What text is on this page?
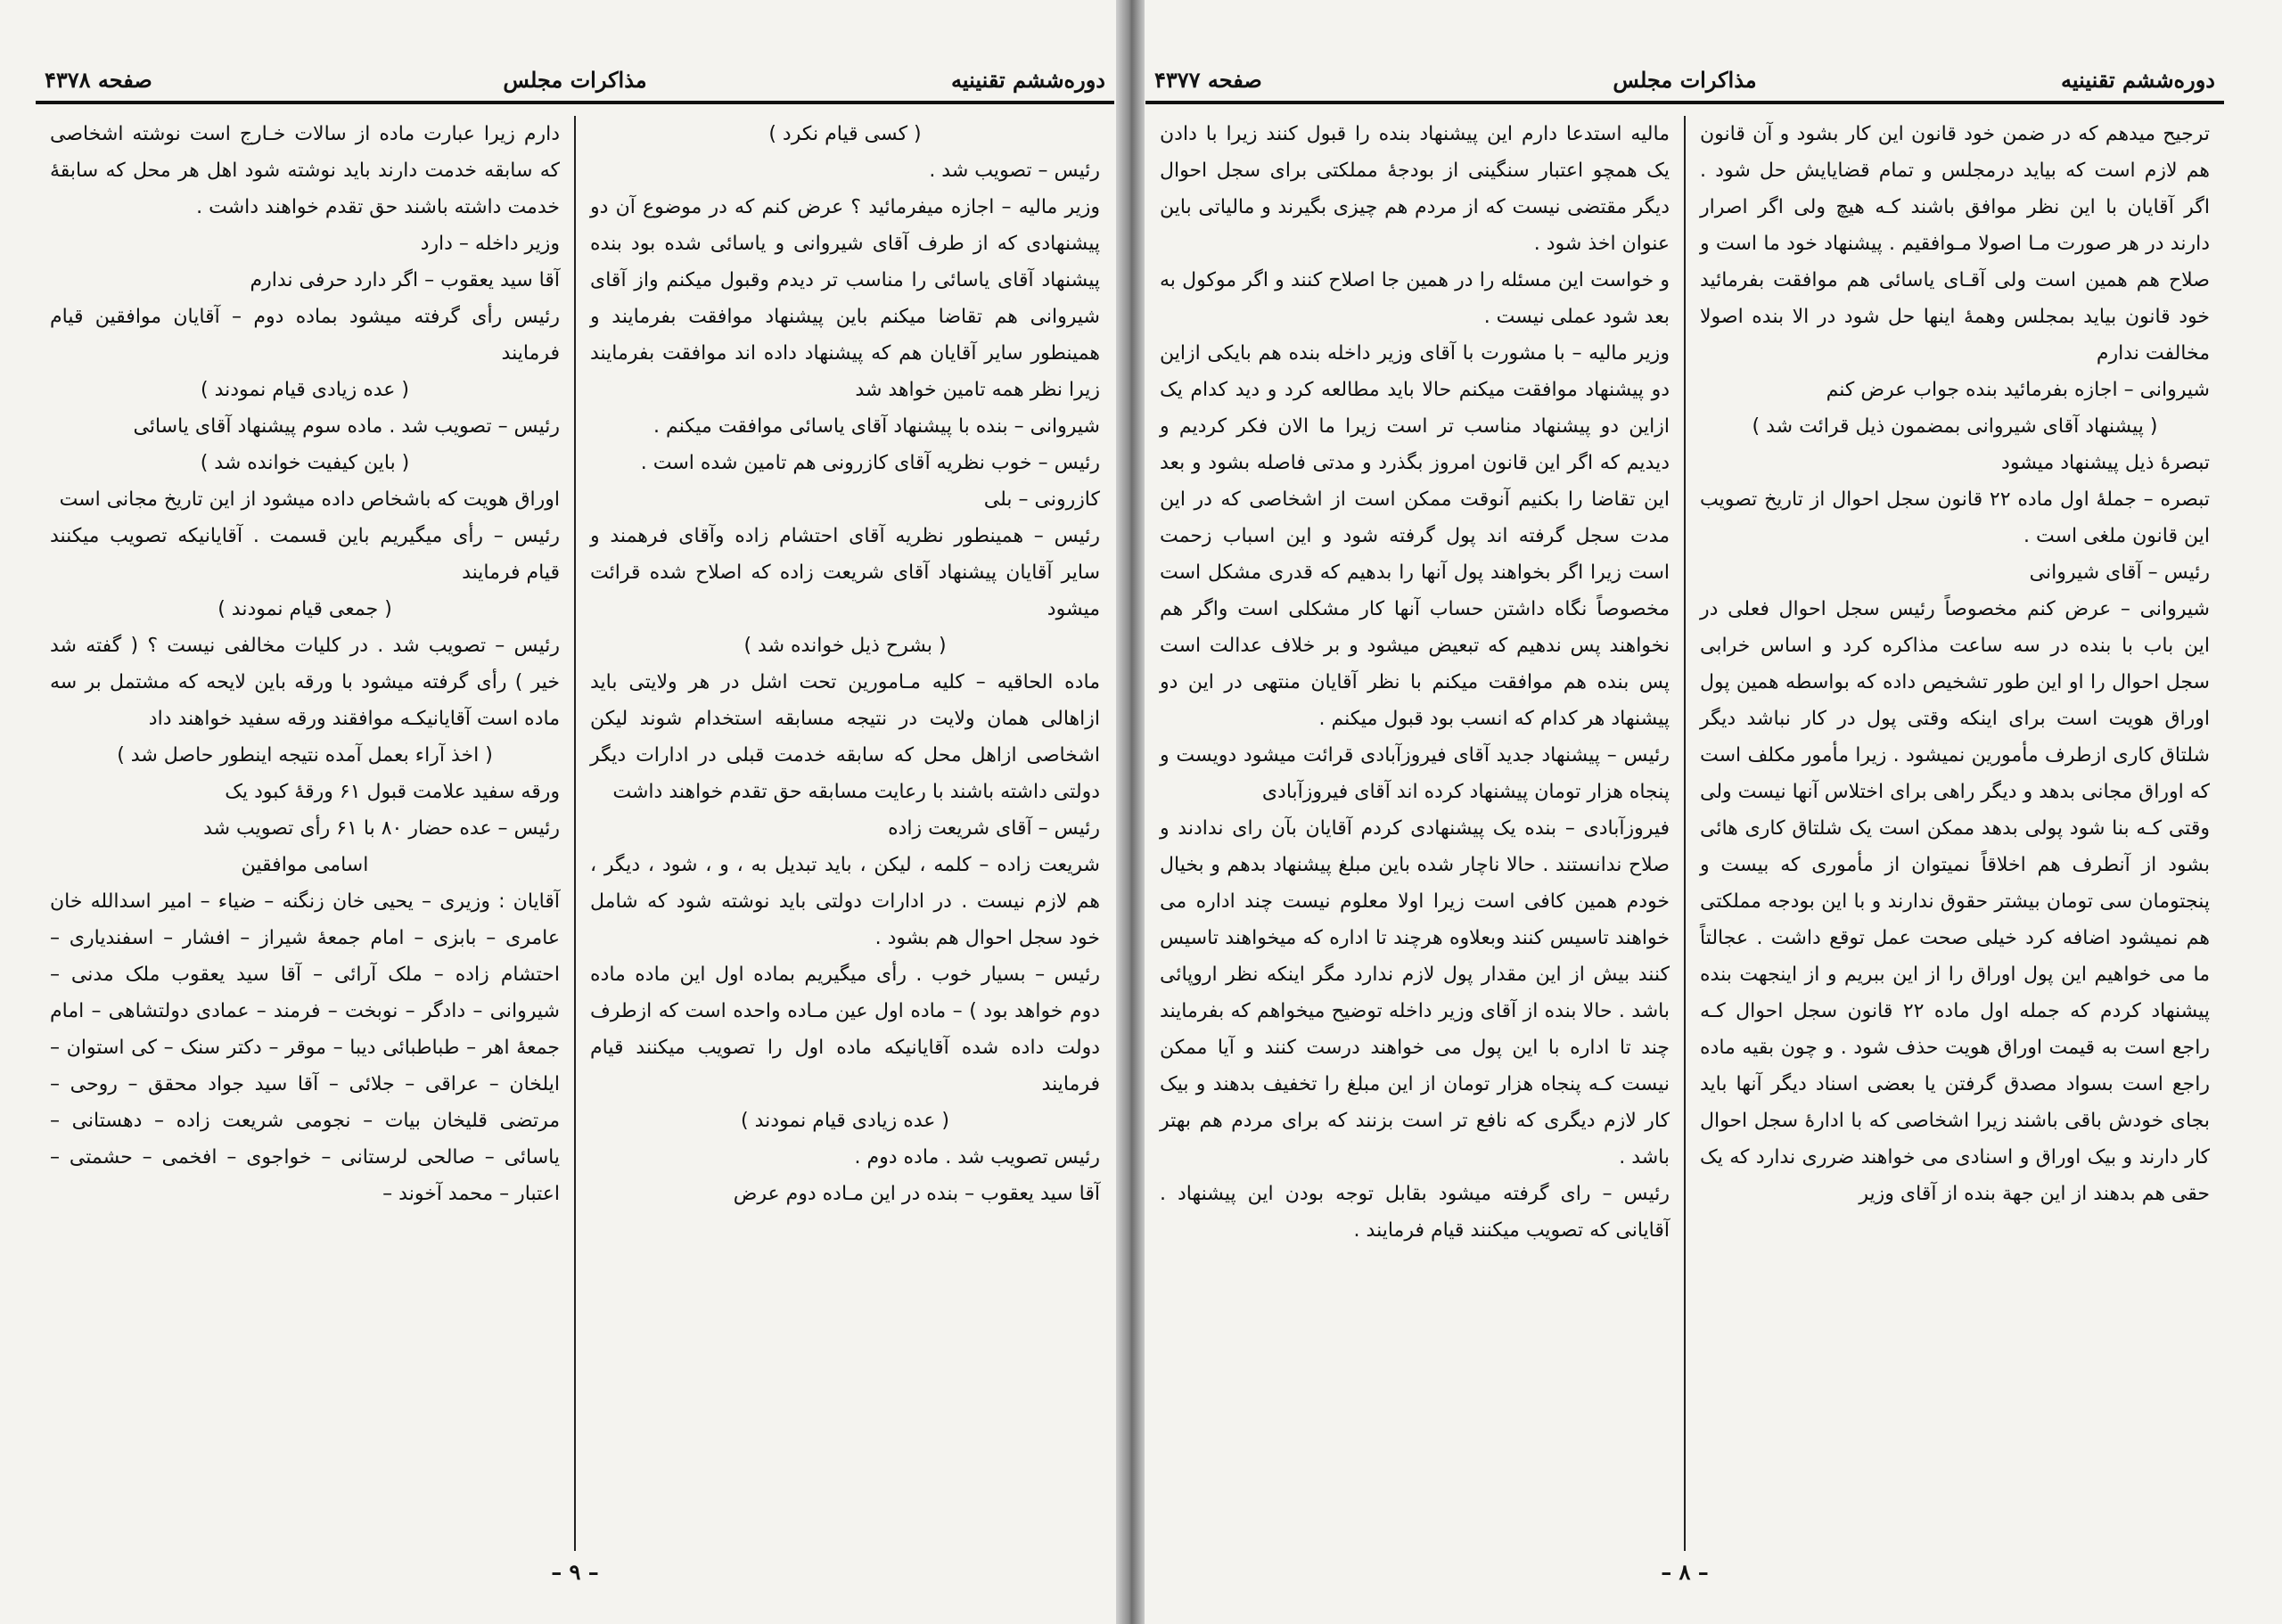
دوره‌ششم تقنینیه
مذاکرات مجلس
صفحه ۴۳۷۷

ترجیح میدهم که در ضمن خود قانون این کار بشود و آن قانون هم لازم است که بیاید درمجلس و تمام قضایایش حل شود . اگر آقایان با این نظر موافق باشند کـه هیچ ولی اگر اصرار دارند در هر صورت مـا اصولا مـوافقیم . پیشنهاد خود ما است و صلاح هم همین است ولی آقـای یاسائی هم موافقت بفرمائید خود قانون بیاید بمجلس وهمهٔ اینها حل شود در الا بنده اصولا مخالفت ندارم

شیروانی – اجازه بفرمائید بنده جواب عرض کنم

( پیشنهاد آقای شیروانی بمضمون ذیل قرائت شد )

تبصرهٔ ذیل پیشنهاد میشود

تبصره – جملهٔ اول ماده ۲۲ قانون سجل احوال از تاریخ تصویب این قانون ملغی است .

رئیس – آقای شیروانی

شیروانی – عرض کنم مخصوصاً رئیس سجل احوال فعلی در این باب با بنده در سه ساعت مذاکره کرد و اساس خرابی سجل احوال را او این طور تشخیص داده که بواسطه همین پول اوراق هویت است برای اینکه وقتی پول در کار نباشد دیگر شلتاق کاری ازطرف مأمورین نمیشود . زیرا مأمور مکلف است که اوراق مجانی بدهد و دیگر راهی برای اختلاس آنها نیست ولی وقتی کـه بنا شود پولی بدهد ممکن است یک شلتاق کاری هائی بشود از آنطرف هم اخلاقاً نمیتوان از مأموری که بیست و پنجتومان سی تومان بیشتر حقوق ندارند و با این بودجه مملکتی هم نمیشود اضافه کرد خیلی صحت عمل توقع داشت . عجالتاً ما می خواهیم این پول اوراق را از این ببریم و از اینجهت بنده پیشنهاد کردم که جمله اول ماده ۲۲ قانون سجل احوال کـه راجع است به قیمت اوراق هویت حذف شود . و چون بقیه ماده راجع است بسواد مصدق گرفتن یا بعضی اسناد دیگر آنها باید بجای خودش باقی باشند زیرا اشخاصی که با ادارهٔ سجل احوال کار دارند و بیک اوراق و اسنادی می خواهند ضرری ندارد که یک حقی هم بدهند از این جهة بنده از آقای وزیر

مالیه استدعا دارم این پیشنهاد بنده را قبول کنند زیرا با دادن یک همچو اعتبار سنگینی از بودجهٔ مملکتی برای سجل احوال دیگر مقتضی نیست که از مردم هم چیزی بگیرند و مالیاتی باین عنوان اخذ شود .

و خواست این مسئله را در همین جا اصلاح کنند و اگر موکول به بعد شود عملی نیست .

وزیر مالیه – با مشورت با آقای وزیر داخله بنده هم بایکی ازاین دو پیشنهاد موافقت میکنم حالا باید مطالعه کرد و دید کدام یک ازاین دو پیشنهاد مناسب تر است زیرا ما الان فکر کردیم و دیدیم که اگر این قانون امروز بگذرد و مدتی فاصله بشود و بعد این تقاضا را بکنیم آنوقت ممکن است از اشخاصی که در این مدت سجل گرفته اند پول گرفته شود و این اسباب زحمت است زیرا اگر بخواهند پول آنها را بدهیم که قدری مشکل است مخصوصاً نگاه داشتن حساب آنها کار مشکلی است واگر هم نخواهند پس ندهیم که تبعیض میشود و بر خلاف عدالت است پس بنده هم موافقت میکنم با نظر آقایان منتهی در این دو پیشنهاد هر کدام که انسب بود قبول میکنم .

رئیس – پیشنهاد جدید آقای فیروزآبادی قرائت میشود دویست و پنجاه هزار تومان پیشنهاد کرده اند آقای فیروزآبادی

فیروزآبادی – بنده یک پیشنهادی کردم آقایان بآن رای ندادند و صلاح ندانستند . حالا ناچار شده باین مبلغ پیشنهاد بدهم و بخیال خودم همین کافی است زیرا اولا معلوم نیست چند اداره می خواهند تاسیس کنند وبعلاوه هرچند تا اداره که میخواهند تاسیس کنند بیش از این مقدار پول لازم ندارد مگر اینکه نظر اروپائی باشد . حالا بنده از آقای وزیر داخله توضیح میخواهم که بفرمایند چند تا اداره با این پول می خواهند درست کنند و آیا ممکن نیست کـه پنجاه هزار تومان از این مبلغ را تخفیف بدهند و بیک کار لازم دیگری که نافع تر است بزنند که برای مردم هم بهتر باشد .

رئیس – رای گرفته میشود بقابل توجه بودن این پیشنهاد . آقایانی که تصویب میکنند قیام فرمایند .

– ۸ –
دوره‌ششم تقنینیه
مذاکرات مجلس
صفحه ۴۳۷۸

( کسی قیام نکرد )

رئیس – تصویب شد .

وزیر مالیه – اجازه میفرمائید ؟ عرض کنم که در موضوع آن دو پیشنهادی که از طرف آقای شیروانی و یاسائی شده بود بنده پیشنهاد آقای یاسائی را مناسب تر دیدم وقبول میکنم واز آقای شیروانی هم تقاضا میکنم باین پیشنهاد موافقت بفرمایند و همینطور سایر آقایان هم که پیشنهاد داده اند موافقت بفرمایند زیرا نظر همه تامین خواهد شد

شیروانی – بنده با پیشنهاد آقای یاسائی موافقت میکنم .

رئیس – خوب نظریه آقای کازرونی هم تامین شده است .

کازرونی – بلی

رئیس – همینطور نظریه آقای احتشام زاده وآقای فرهمند و سایر آقایان پیشنهاد آقای شریعت زاده که اصلاح شده قرائت میشود

( بشرح ذیل خوانده شد )

ماده الحاقیه – کلیه مـامورین تحت اشل در هر ولایتی باید ازاهالی همان ولایت در نتیجه مسابقه استخدام شوند لیکن اشخاصی ازاهل محل که سابقه خدمت قبلی در ادارات دیگر دولتی داشته باشند با رعایت مسابقه حق تقدم خواهند داشت

رئیس – آقای شریعت زاده

شریعت زاده – کلمه ، لیکن ، باید تبدیل به ، و ، شود ، دیگر ، هم لازم نیست . در ادارات دولتی باید نوشته شود که شامل خود سجل احوال هم بشود .

رئیس – بسیار خوب . رأی میگیریم بماده اول این ماده ماده دوم خواهد بود ) – ماده اول عین مـاده واحده است که ازطرف دولت داده شده آقایانیکه ماده اول را تصویب میکنند قیام فرمایند

( عده زیادی قیام نمودند )

رئیس تصویب شد . ماده دوم .

آقا سید یعقوب – بنده در این مـاده دوم عرض

دارم زیرا عبارت ماده از سالات خـارج است نوشته اشخاصی که سابقه خدمت دارند باید نوشته شود اهل هر محل که سابقهٔ خدمت داشته باشند حق تقدم خواهند داشت .

وزیر داخله – دارد

آقا سید یعقوب – اگر دارد حرفی ندارم

رئیس رأی گرفته میشود بماده دوم – آقایان موافقین قیام فرمایند

( عده زیادی قیام نمودند )

رئیس – تصویب شد . ماده سوم پیشنهاد آقای یاسائی

( باین کیفیت خوانده شد )

اوراق هویت که باشخاص داده میشود از این تاریخ مجانی است

رئیس – رأی میگیریم باین قسمت . آقایانیکه تصویب میکنند قیام فرمایند

( جمعی قیام نمودند )

رئیس – تصویب شد . در کلیات مخالفی نیست ؟ ( گفته شد خیر ) رأی گرفته میشود با ورقه باین لایحه که مشتمل بر سه ماده است آقایانیکـه موافقند ورقه سفید خواهند داد

( اخذ آراء بعمل آمده نتیجه اینطور حاصل شد )

ورقه سفید علامت قبول ۶۱ ورقهٔ کبود یک

رئیس – عده حضار ۸۰ با ۶۱ رأی تصویب شد

اسامی موافقین

آقایان : وزیری – یحیی خان زنگنه – ضیاء – امیر اسدالله خان عامری – بابزی – امام جمعهٔ شیراز – افشار – اسفندیاری – احتشام زاده – ملک آرائی – آقا سید یعقوب ملک مدنی – شیروانی – دادگر – نوبخت – فرمند – عمادی دولتشاهی – امام جمعهٔ اهر – طباطبائی دیبا – موقر – دکتر سنک – کی استوان – ایلخان – عراقی – جلائی – آقا سید جواد محقق – روحی – مرتضی قلیخان بیات – نجومی شریعت زاده – دهستانی – یاسائی – صالحی لرستانی – خواجوی – افخمی – حشمتی – اعتبار – محمد آخوند –

– ۹ –
